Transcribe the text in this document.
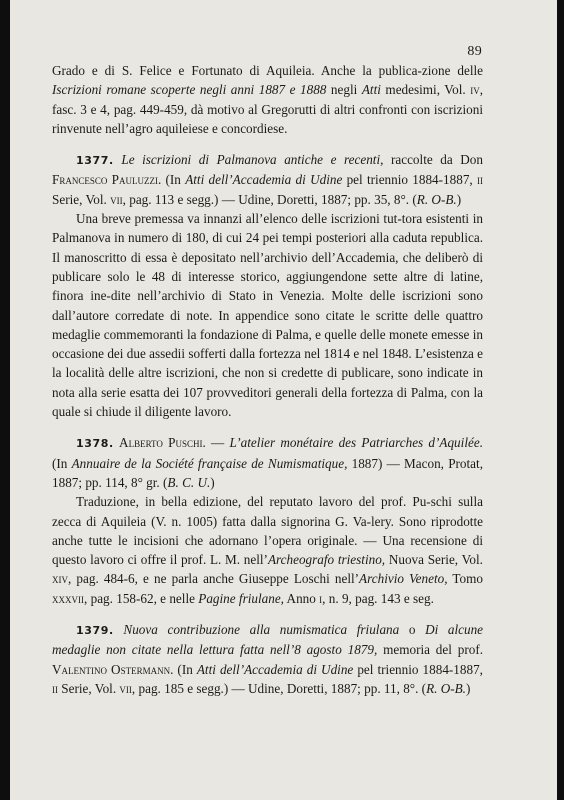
89

Grado e di S. Felice e Fortunato di Aquileia. Anche la publica-zione delle Iscrizioni romane scoperte negli anni 1887 e 1888 negli Atti medesimi, Vol. iv, fasc. 3 e 4, pag. 449-459, dà motivo al Gregorutti di altri confronti con iscrizioni rinvenute nell’agro aquileiese e concordiese.

1377. Le iscrizioni di Palmanova antiche e recenti, raccolte da Don Francesco Pauluzzi. (In Atti dell’Accademia di Udine pel triennio 1884-1887, ii Serie, Vol. vii, pag. 113 e segg.) — Udine, Doretti, 1887; pp. 35, 8°. (R. O-B.)

Una breve premessa va innanzi all’elenco delle iscrizioni tut-tora esistenti in Palmanova in numero di 180, di cui 24 pei tempi posteriori alla caduta republica. Il manoscritto di essa è depositato nell’archivio dell’Accademia, che deliberò di publicare solo le 48 di interesse storico, aggiungendone sette altre di latine, finora ine-dite nell’archivio di Stato in Venezia. Molte delle iscrizioni sono dall’autore corredate di note. In appendice sono citate le scritte delle quattro medaglie commemoranti la fondazione di Palma, e quelle delle monete emesse in occasione dei due assedii sofferti dalla fortezza nel 1814 e nel 1848. L’esistenza e la località delle altre iscrizioni, che non si credette di publicare, sono indicate in nota alla serie esatta dei 107 provveditori generali della fortezza di Palma, con la quale si chiude il diligente lavoro.

1378. Alberto Puschi. — L’atelier monétaire des Patriarches d’Aquilée. (In Annuaire de la Société française de Numismatique, 1887) — Macon, Protat, 1887; pp. 114, 8° gr. (B. C. U.)

Traduzione, in bella edizione, del reputato lavoro del prof. Pu-schi sulla zecca di Aquileia (V. n. 1005) fatta dalla signorina G. Va-lery. Sono riprodotte anche tutte le incisioni che adornano l’opera originale. — Una recensione di questo lavoro ci offre il prof. L. M. nell’Archeografo triestino, Nuova Serie, Vol. xiv, pag. 484-6, e ne parla anche Giuseppe Loschi nell’Archivio Veneto, Tomo xxxvii, pag. 158-62, e nelle Pagine friulane, Anno i, n. 9, pag. 143 e seg.

1379. Nuova contribuzione alla numismatica friulana o Di alcune medaglie non citate nella lettura fatta nell’8 agosto 1879, memoria del prof. Valentino Ostermann. (In Atti dell’Accademia di Udine pel triennio 1884-1887, ii Serie, Vol. vii, pag. 185 e segg.) — Udine, Doretti, 1887; pp. 11, 8°. (R. O-B.)
